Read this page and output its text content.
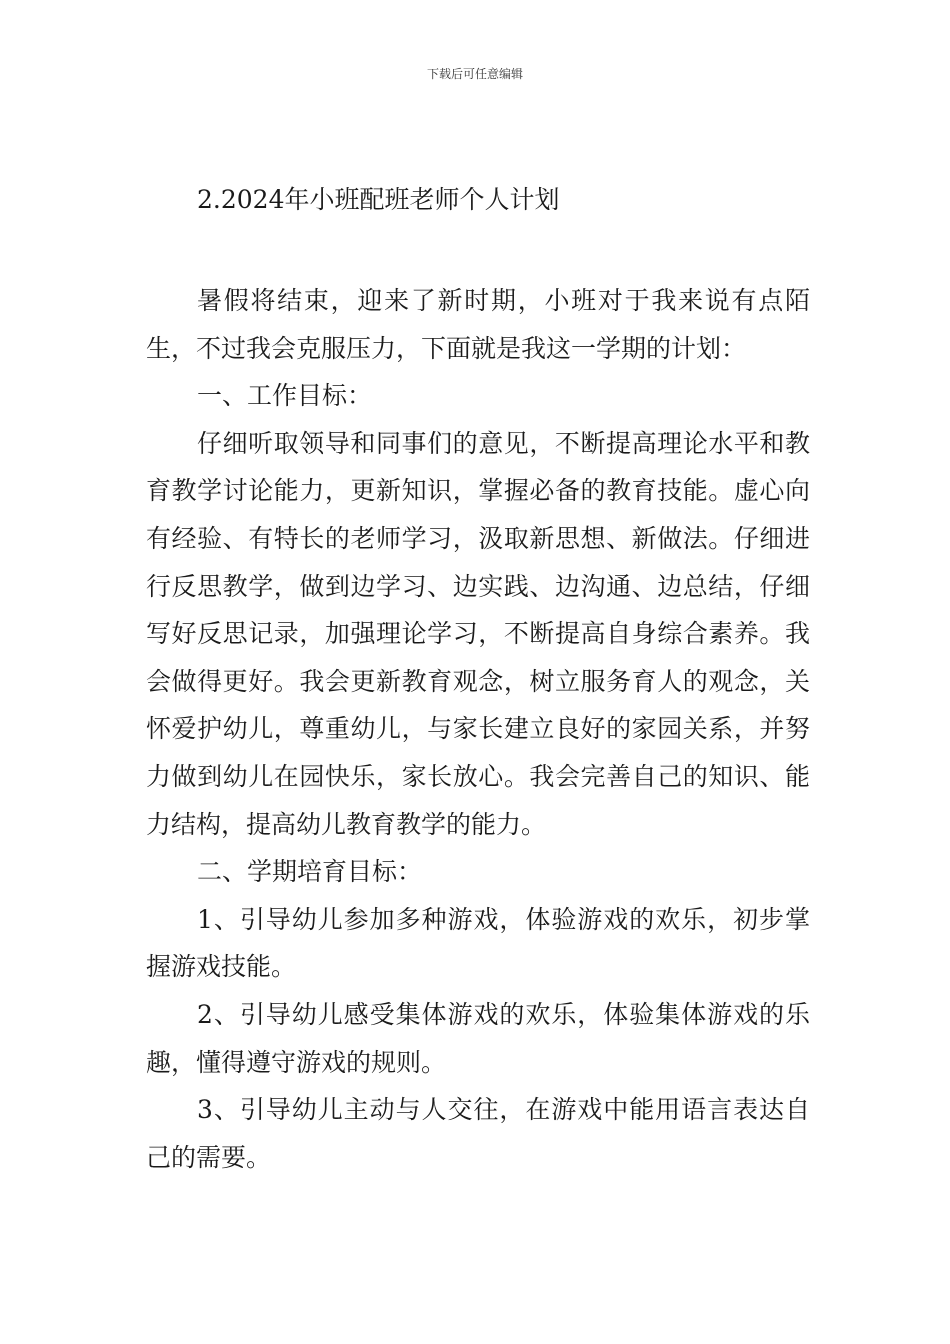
下载后可任意编辑
2.2024年小班配班老师个人计划

暑假将结束，迎来了新时期，小班对于我来说有点陌生，不过我会克服压力，下面就是我这一学期的计划：

一、工作目标：

仔细听取领导和同事们的意见，不断提高理论水平和教育教学讨论能力，更新知识，掌握必备的教育技能。虚心向有经验、有特长的老师学习，汲取新思想、新做法。仔细进行反思教学，做到边学习、边实践、边沟通、边总结，仔细写好反思记录，加强理论学习，不断提高自身综合素养。我会做得更好。我会更新教育观念，树立服务育人的观念，关怀爱护幼儿，尊重幼儿，与家长建立良好的家园关系，并努力做到幼儿在园快乐，家长放心。我会完善自己的知识、能力结构，提高幼儿教育教学的能力。

二、学期培育目标：

1、引导幼儿参加多种游戏，体验游戏的欢乐，初步掌握游戏技能。

2、引导幼儿感受集体游戏的欢乐，体验集体游戏的乐趣，懂得遵守游戏的规则。

3、引导幼儿主动与人交往，在游戏中能用语言表达自己的需要。
